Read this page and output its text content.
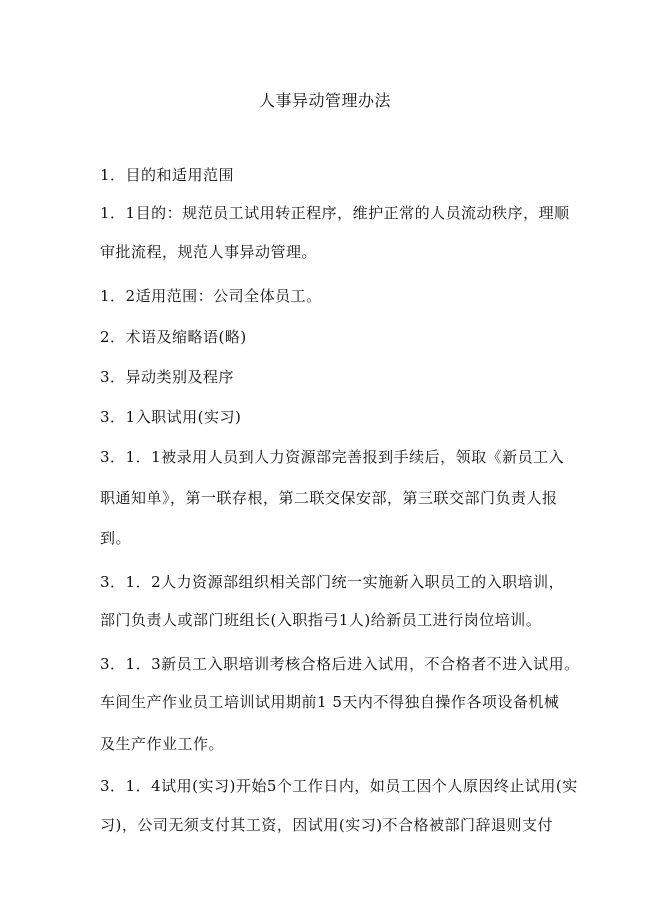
人事异动管理办法
1．目的和适用范围
1．1目的：规范员工试用转正程序，维护正常的人员流动秩序，理顺
审批流程，规范人事异动管理。
1．2适用范围：公司全体员工。
2．术语及缩略语(略)
3．异动类别及程序
3．1入职试用(实习)
3．1．1被录用人员到人力资源部完善报到手续后，领取《新员工入
职通知单》，第一联存根，第二联交保安部，第三联交部门负责人报
到。
3．1．2人力资源部组织相关部门统一实施新入职员工的入职培训，
部门负责人或部门班组长(入职指弓1人)给新员工进行岗位培训。
3．1．3新员工入职培训考核合格后进入试用，不合格者不进入试用。
车间生产作业员工培训试用期前1 5天内不得独自操作各项设备机械
及生产作业工作。
3．1．4试用(实习)开始5个工作日内，如员工因个人原因终止试用(实
习)，公司无须支付其工资，因试用(实习)不合格被部门辞退则支付
